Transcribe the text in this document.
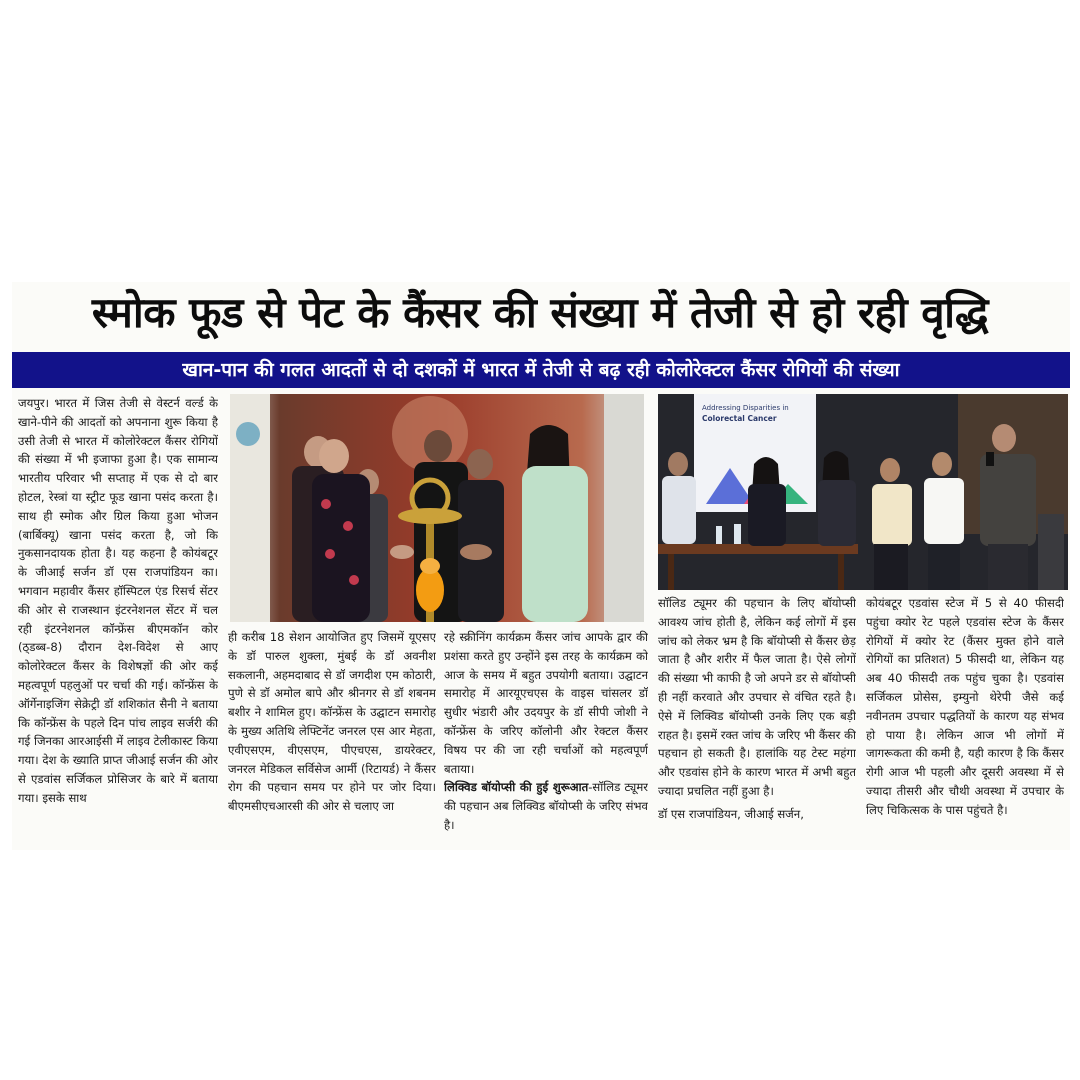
स्मोक फूड से पेट के कैंसर की संख्या में तेजी से हो रही वृद्धि
खान-पान की गलत आदतों से दो दशकों में भारत में तेजी से बढ़ रही कोलोरेक्टल कैंसर रोगियों की संख्या

जयपुर। भारत में जिस तेजी से वेस्टर्न वर्ल्ड के खाने-पीने की आदतों को अपनाना शुरू किया है उसी तेजी से भारत में कोलोरेक्टल कैंसर रोगियों की संख्या में भी इजाफा हुआ है। एक सामान्य भारतीय परिवार भी सप्ताह में एक से दो बार होटल, रेस्त्रां या स्ट्रीट फूड खाना पसंद करता है। साथ ही स्मोक और ग्रिल किया हुआ भोजन (बार्बिक्यू) खाना पसंद करता है, जो कि नुकसानदायक होता है। यह कहना है कोयंबटूर के जीआई सर्जन डॉ एस राजपांडियन का। भगवान महावीर कैंसर हॉस्पिटल एंड रिसर्च सेंटर की ओर से राजस्थान इंटरनेशनल सेंटर में चल रही इंटरनेशनल कॉन्फ्रेंस बीएमकॉन कोर (ठ्डब्ब-8) दौरान देश-विदेश से आए कोलोरेक्टल कैंसर के विशेषज्ञों की ओर कई महत्वपूर्ण पहलुओं पर चर्चा की गई। कॉन्फ्रेंस के ऑर्गेनाइजिंग सेक्रेट्री डॉ शशिकांत सैनी ने बताया कि कॉन्फ्रेंस के पहले दिन पांच लाइव सर्जरी की गई जिनका आरआईसी में लाइव टेलीकास्ट किया गया। देश के ख्याति प्राप्त जीआई सर्जन की ओर से एडवांस सर्जिकल प्रोसिजर के बारे में बताया गया। इसके साथ

ही करीब 18 सेशन आयोजित हुए जिसमें यूएसए के डॉ पारुल शुक्ला, मुंबई के डॉ अवनीश सकलानी, अहमदाबाद से डॉ जगदीश एम कोठारी, पुणे से डॉ अमोल बापे और श्रीनगर से डॉ शबनम बशीर ने शामिल हुए। कॉन्फ्रेंस के उद्घाटन समारोह के मुख्य अतिथि लेफ्टिनेंट जनरल एस आर मेहता, एवीएसएम, वीएसएम, पीएचएस, डायरेक्टर, जनरल मेडिकल सर्विसेज आर्मी (रिटायर्ड) ने कैंसर रोग की पहचान समय पर होने पर जोर दिया। बीएमसीएचआरसी की ओर से चलाए जा

रहे स्क्रीनिंग कार्यक्रम कैंसर जांच आपके द्वार की प्रशंसा करते हुए उन्होंने इस तरह के कार्यक्रम को आज के समय में बहुत उपयोगी बताया। उद्घाटन समारोह में आरयूएचएस के वाइस चांसलर डॉ सुधीर भंडारी और उदयपुर के डॉ सीपी जोशी ने कॉन्फ्रेंस के जरिए कॉलोनी और रेक्टल कैंसर विषय पर की जा रही चर्चाओं को महत्वपूर्ण बताया।

लिक्विड बॉयोप्सी की हुई शुरूआत-सॉलिड ट्यूमर की पहचान अब लिक्विड बॉयोप्सी के जरिए संभव है।

Addressing Disparities in
Colorectal Cancer

सॉलिड ट्यूमर की पहचान के लिए बॉयोप्सी आवश्य जांच होती है, लेकिन कई लोगों में इस जांच को लेकर भ्रम है कि बॉयोप्सी से कैंसर छेड़ जाता है और शरीर में फैल जाता है। ऐसे लोगों की संख्या भी काफी है जो अपने डर से बॉयोप्सी ही नहीं करवाते और उपचार से वंचित रहते है। ऐसे में लिक्विड बॉयोप्सी उनके लिए एक बड़ी राहत है। इसमें रक्त जांच के जरिए भी कैंसर की पहचान हो सकती है। हालांकि यह टेस्ट महंगा और एडवांस होने के कारण भारत में अभी बहुत ज्यादा प्रचलित नहीं हुआ है।

डॉ एस राजपांडियन, जीआई सर्जन,

कोयंबटूर एडवांस स्टेज में 5 से 40 फीसदी पहुंचा क्योर रेट पहले एडवांस स्टेज के कैंसर रोगियों में क्योर रेट (कैंसर मुक्त होने वाले रोगियों का प्रतिशत) 5 फीसदी था, लेकिन यह अब 40 फीसदी तक पहुंच चुका है। एडवांस सर्जिकल प्रोसेस, इम्युनो थेरेपी जैसे कई नवीनतम उपचार पद्धतियों के कारण यह संभव हो पाया है। लेकिन आज भी लोगों में जागरूकता की कमी है, यही कारण है कि कैंसर रोगी आज भी पहली और दूसरी अवस्था में से ज्यादा तीसरी और चौथी अवस्था में उपचार के लिए चिकित्सक के पास पहुंचते है।
